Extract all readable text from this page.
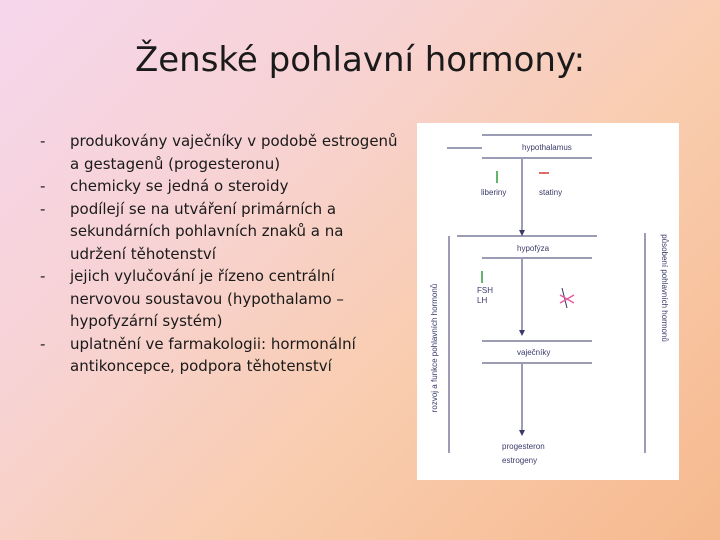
Ženské pohlavní hormony:
- produkovány vaječníky v podobě estrogenů a gestagenů (progesteronu)
- chemicky se jedná o steroidy
- podílejí se na utváření primárních a sekundárních pohlavních znaků a na udržení těhotenství
- jejich vylučování je řízeno centrální nervovou soustavou (hypothalamo – hypofyzární systém)
- uplatnění ve farmakologii: hormonální antikoncepce, podpora těhotenství
hypothalamus
liberiny	statiny
hypofýza
FSH
LH
vaječníky
progesteron
estrogeny
rozvoj a funkce pohlavních hormonů	působení pohlavních hormonů
